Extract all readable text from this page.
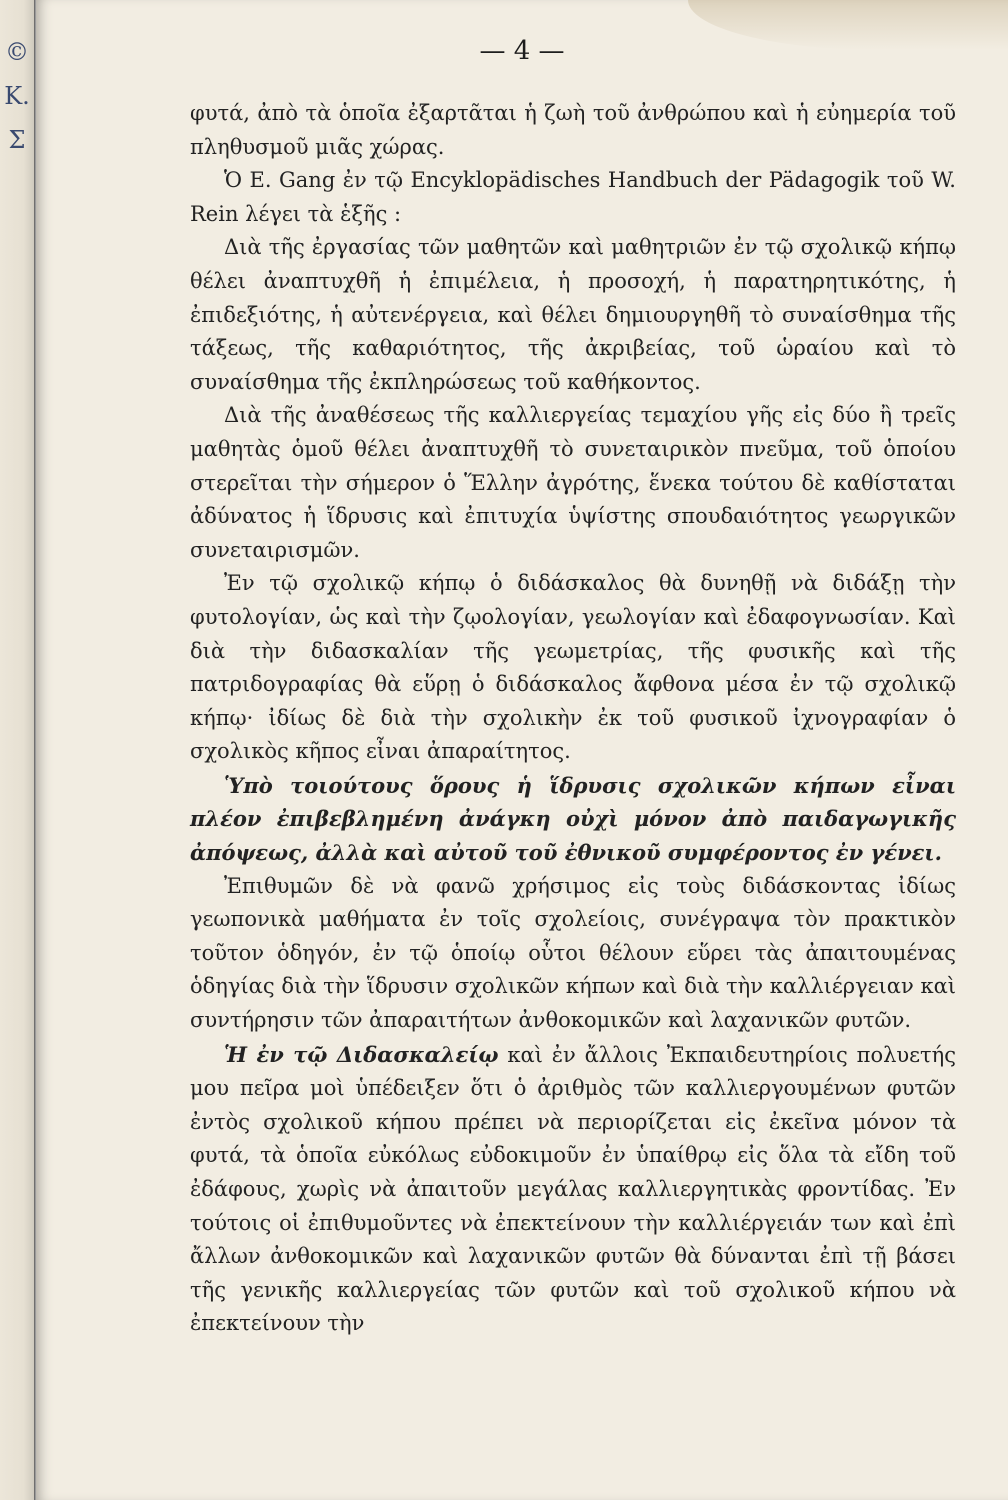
©
K.
Σ
— 4 —

φυτά, ἀπὸ τὰ ὁποῖα ἐξαρτᾶται ἡ ζωὴ τοῦ ἀνθρώπου καὶ ἡ εὐημερία τοῦ πληθυσμοῦ μιᾶς χώρας.

Ὁ E. Gang ἐν τῷ Encyklopädisches Handbuch der Pädagogik τοῦ W. Rein λέγει τὰ ἑξῆς :

Διὰ τῆς ἐργασίας τῶν μαθητῶν καὶ μαθητριῶν ἐν τῷ σχολικῷ κήπῳ θέλει ἀναπτυχθῆ ἡ ἐπιμέλεια, ἡ προσοχή, ἡ παρατηρητικότης, ἡ ἐπιδεξιότης, ἡ αὐτενέργεια, καὶ θέλει δημιουργηθῆ τὸ συναίσθημα τῆς τάξεως, τῆς καθαριότητος, τῆς ἀκριβείας, τοῦ ὡραίου καὶ τὸ συναίσθημα τῆς ἐκπληρώσεως τοῦ καθήκοντος.

Διὰ τῆς ἀναθέσεως τῆς καλλιεργείας τεμαχίου γῆς εἰς δύο ἢ τρεῖς μαθητὰς ὁμοῦ θέλει ἀναπτυχθῆ τὸ συνεταιρικὸν πνεῦμα, τοῦ ὁποίου στερεῖται τὴν σήμερον ὁ Ἕλλην ἀγρότης, ἕνεκα τούτου δὲ καθίσταται ἀδύνατος ἡ ἵδρυσις καὶ ἐπιτυχία ὑψίστης σπουδαιότητος γεωργικῶν συνεταιρισμῶν.

Ἐν τῷ σχολικῷ κήπῳ ὁ διδάσκαλος θὰ δυνηθῇ νὰ διδάξῃ τὴν φυτολογίαν, ὡς καὶ τὴν ζῳολογίαν, γεωλογίαν καὶ ἐδαφογνωσίαν. Καὶ διὰ τὴν διδασκαλίαν τῆς γεωμετρίας, τῆς φυσικῆς καὶ τῆς πατριδογραφίας θὰ εὕρῃ ὁ διδάσκαλος ἄφθονα μέσα ἐν τῷ σχολικῷ κήπῳ· ἰδίως δὲ διὰ τὴν σχολικὴν ἐκ τοῦ φυσικοῦ ἰχνογραφίαν ὁ σχολικὸς κῆπος εἶναι ἀπαραίτητος.

Ὑπὸ τοιούτους ὅρους ἡ ἵδρυσις σχολικῶν κήπων εἶναι πλέον ἐπιβεβλημένη ἀνάγκη οὐχὶ μόνον ἀπὸ παιδαγωγικῆς ἀπόψεως, ἀλλὰ καὶ αὐτοῦ τοῦ ἐθνικοῦ συμφέροντος ἐν γένει.

Ἐπιθυμῶν δὲ νὰ φανῶ χρήσιμος εἰς τοὺς διδάσκοντας ἰδίως γεωπονικὰ μαθήματα ἐν τοῖς σχολείοις, συνέγραψα τὸν πρακτικὸν τοῦτον ὁδηγόν, ἐν τῷ ὁποίῳ οὗτοι θέλουν εὕρει τὰς ἀπαιτουμένας ὁδηγίας διὰ τὴν ἵδρυσιν σχολικῶν κήπων καὶ διὰ τὴν καλλιέργειαν καὶ συντήρησιν τῶν ἀπαραιτήτων ἀνθοκομικῶν καὶ λαχανικῶν φυτῶν.

Ἡ ἐν τῷ Διδασκαλείῳ καὶ ἐν ἄλλοις Ἐκπαιδευτηρίοις πολυετής μου πεῖρα μοὶ ὑπέδειξεν ὅτι ὁ ἀριθμὸς τῶν καλλιεργουμένων φυτῶν ἐντὸς σχολικοῦ κήπου πρέπει νὰ περιορίζεται εἰς ἐκεῖνα μόνον τὰ φυτά, τὰ ὁποῖα εὐκόλως εὐδοκιμοῦν ἐν ὑπαίθρῳ εἰς ὅλα τὰ εἴδη τοῦ ἐδάφους, χωρὶς νὰ ἀπαιτοῦν μεγάλας καλλιεργητικὰς φροντίδας. Ἐν τούτοις οἱ ἐπιθυμοῦντες νὰ ἐπεκτείνουν τὴν καλλιέργειάν των καὶ ἐπὶ ἄλλων ἀνθοκομικῶν καὶ λαχανικῶν φυτῶν θὰ δύνανται ἐπὶ τῇ βάσει τῆς γενικῆς καλλιεργείας τῶν φυτῶν καὶ τοῦ σχολικοῦ κήπου νὰ ἐπεκτείνουν τὴν
